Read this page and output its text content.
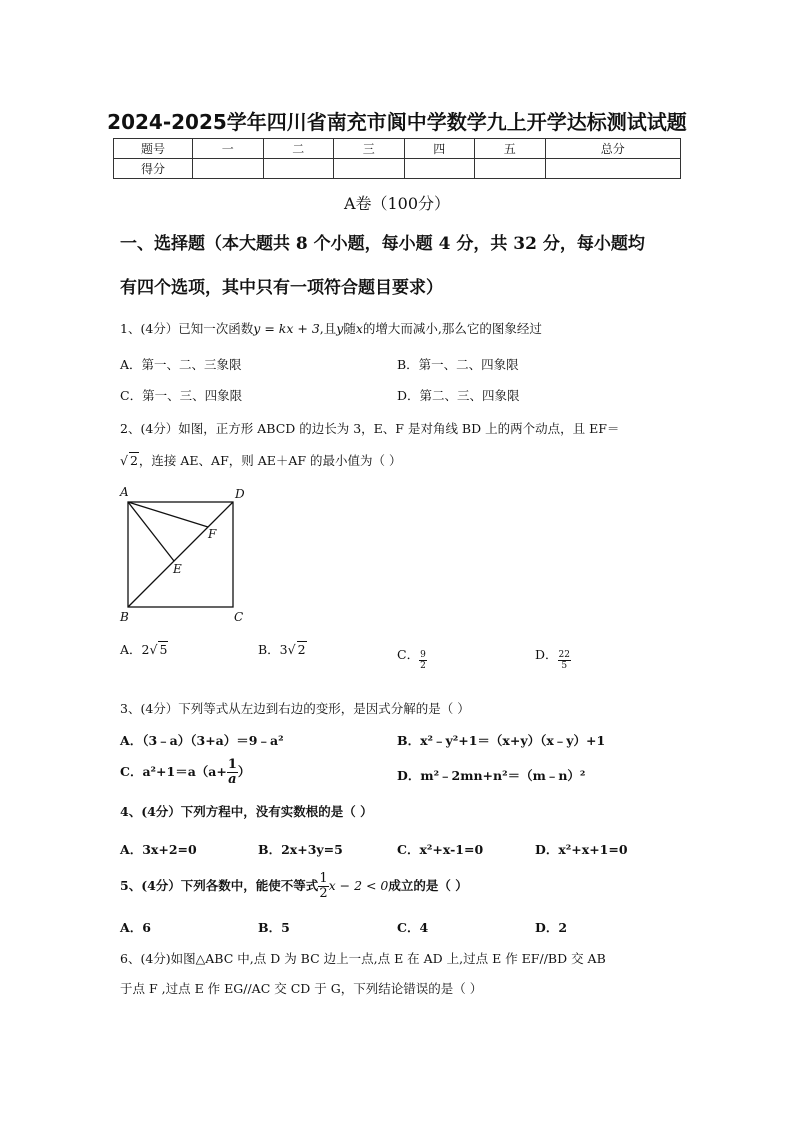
2024-2025学年四川省南充市阆中学数学九上开学达标测试试题
题号	一	二	三	四	五	总分
得分						
A卷（100分）
一、选择题（本大题共 8 个小题，每小题 4 分，共 32 分，每小题均
有四个选项，其中只有一项符合题目要求）
1、(4分）已知一次函数y = kx + 3,且y随x的增大而减小,那么它的图象经过
A．第一、二、三象限	B．第一、二、四象限
C．第一、三、四象限	D．第二、三、四象限
2、(4分）如图，正方形 ABCD 的边长为 3，E、F 是对角线 BD 上的两个动点，且 EF＝
√ 2，连接 AE、AF，则 AE＋AF 的最小值为（ ）
A	D
F
E
B	C
A．2√ 5	B．3√ 2	C． $\frac{9}{2}$	D． $\frac{22}{5}$
3、(4分）下列等式从左边到右边的变形，是因式分解的是（ ）
A．（3﹣a）（3+a）＝9﹣a²	B．x²﹣y²+1＝（x+y）（x﹣y）+1
C．$a^2+1=a(a+ \frac{1}{a}$ ）	D．m²﹣2mn+n²＝（m﹣n）²
4、(4分）下列方程中，没有实数根的是（ ）
A．3x+2=0	B．2x+3y=5	C．x²+x-1=0	D．x²+x+1=0
5、(4分）下列各数中，能使不等式 $\frac{1}{2}$ x − 2 < 0成立的是（ ）
A．6	B．5	C．4	D．2
6、(4分)如图△ABC 中,点 D 为 BC 边上一点,点 E 在 AD 上,过点 E 作 EF//BD 交 AB
于点 F ,过点 E 作 EG//AC 交 CD 于 G，下列结论错误的是（ ）
